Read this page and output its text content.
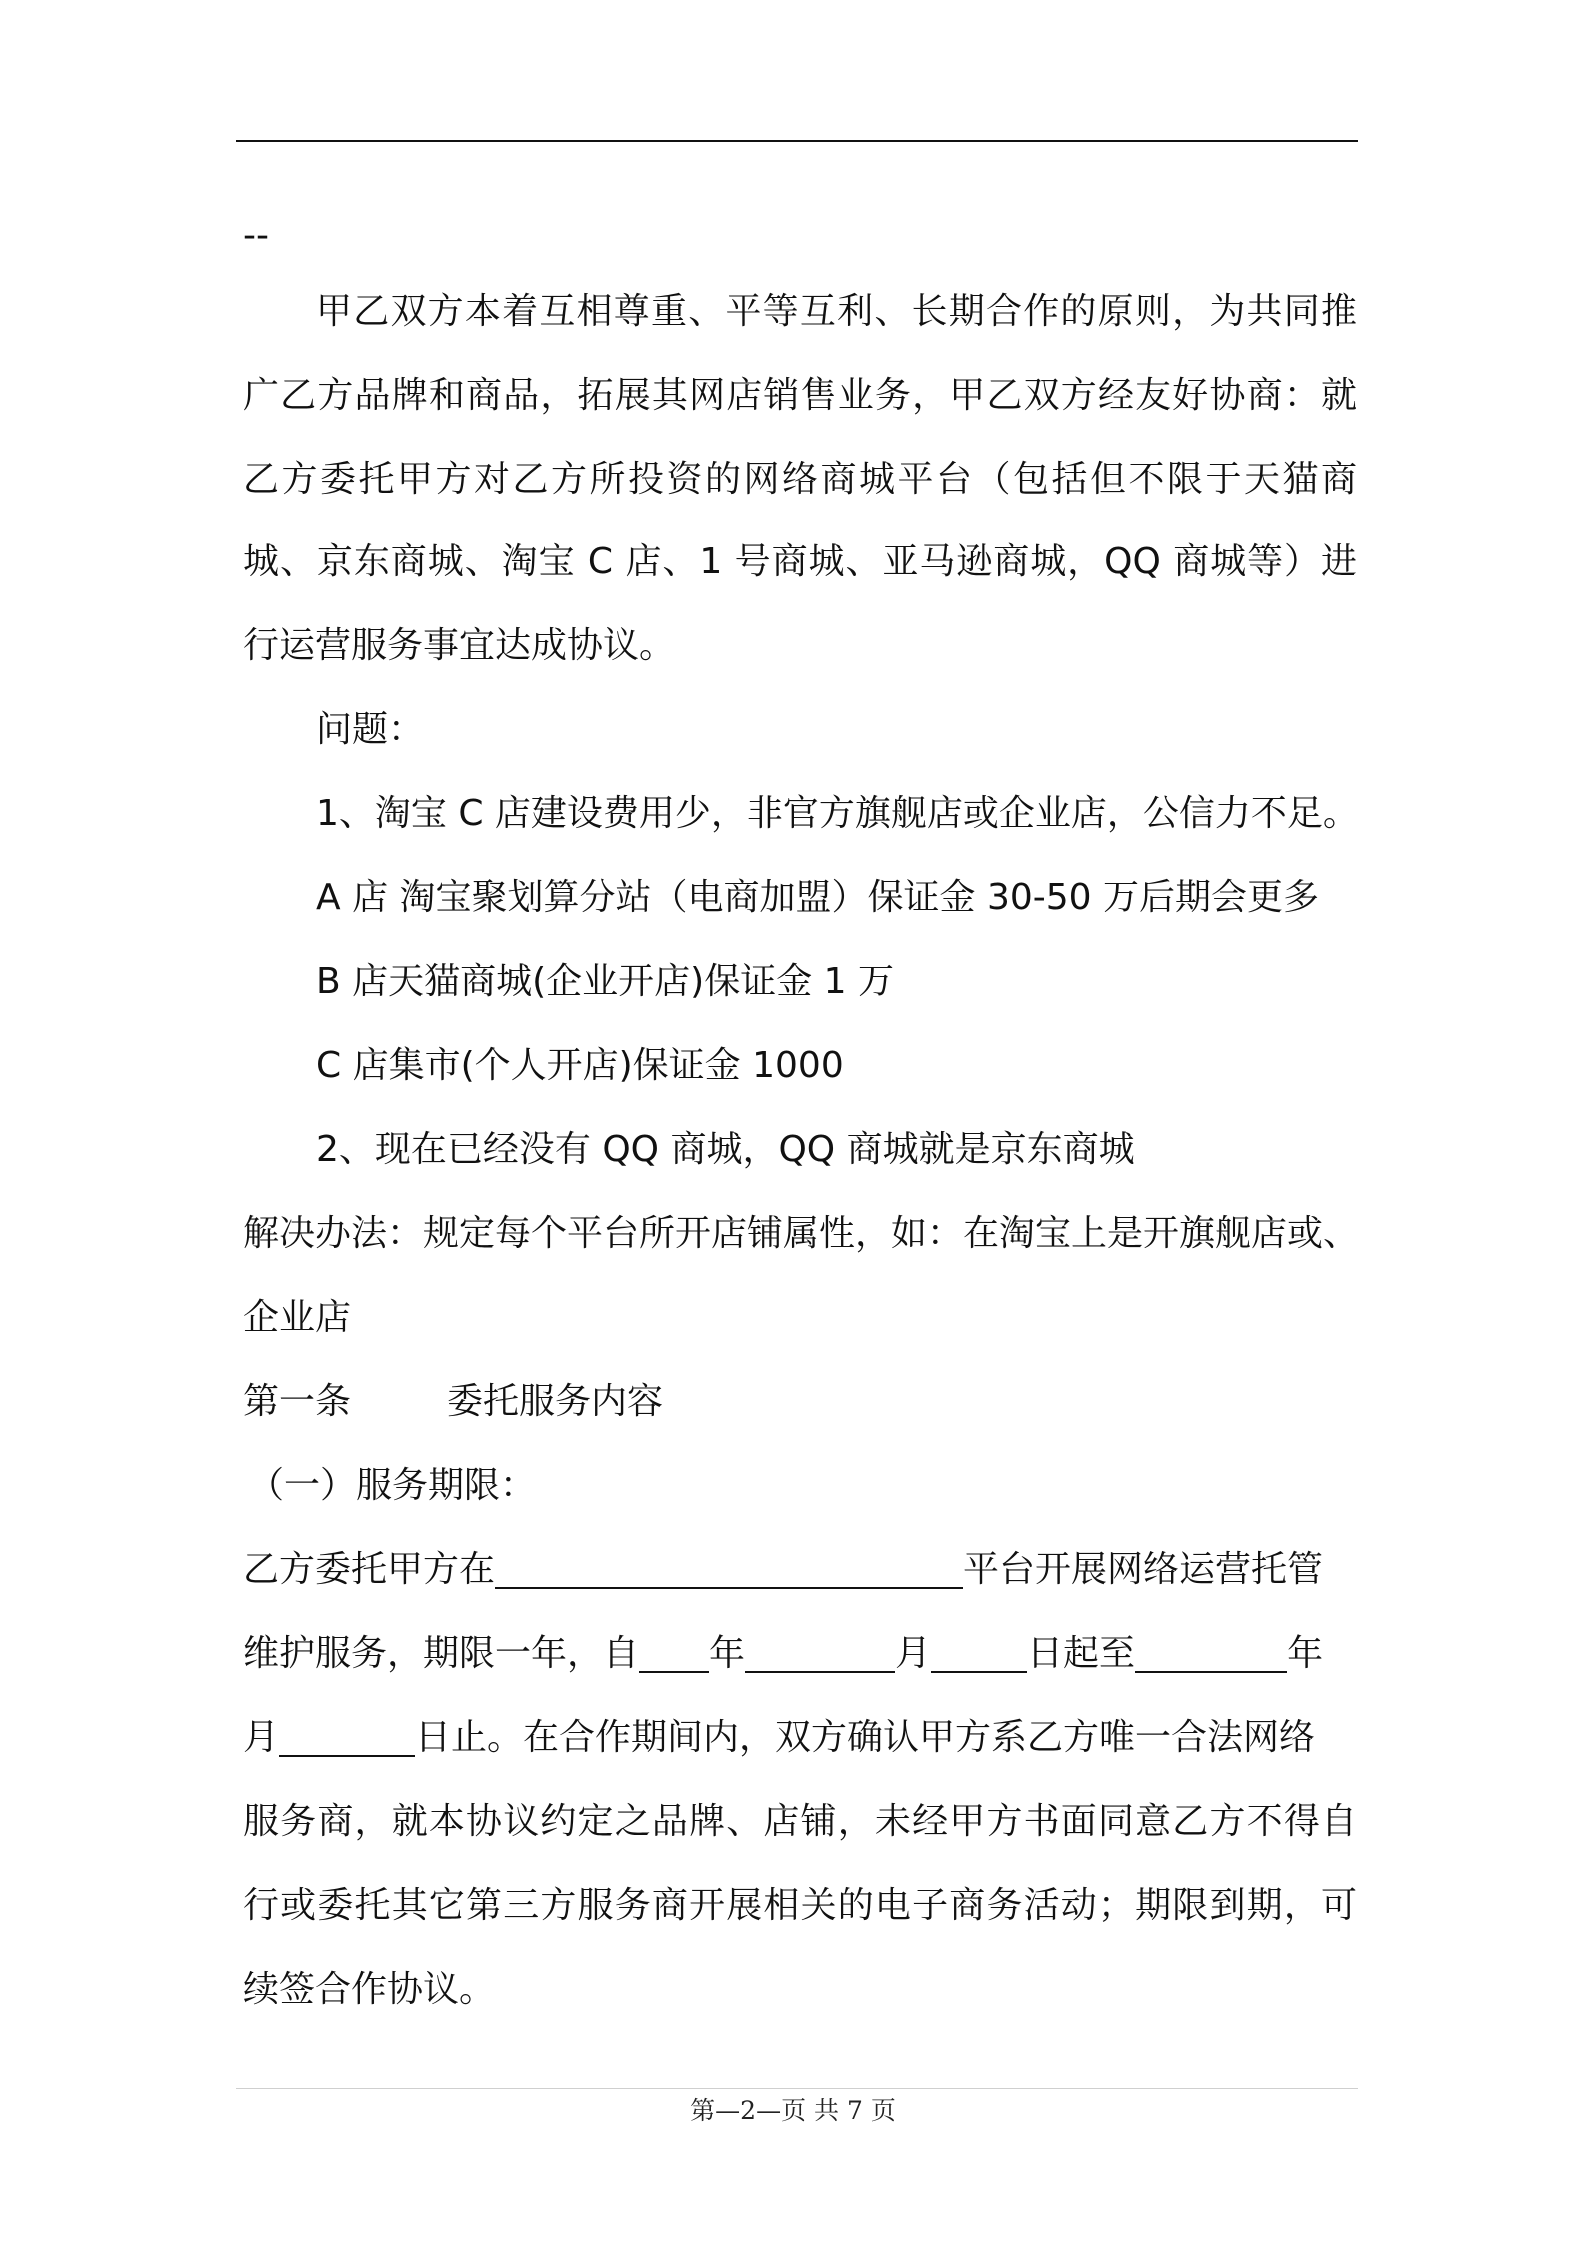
--
甲乙双方本着互相尊重、平等互利、长期合作的原则，为共同推
广乙方品牌和商品，拓展其网店销售业务，甲乙双方经友好协商：就
乙方委托甲方对乙方所投资的网络商城平台（包括但不限于天猫商
城、京东商城、淘宝 C 店、1 号商城、亚马逊商城，QQ 商城等）进
行运营服务事宜达成协议。
问题：
1、淘宝 C 店建设费用少，非官方旗舰店或企业店，公信力不足。
A 店 淘宝聚划算分站（电商加盟）保证金 30-50 万后期会更多
B 店天猫商城(企业开店)保证金 1 万
C 店集市(个人开店)保证金 1000
2、现在已经没有 QQ 商城，QQ 商城就是京东商城
解决办法：规定每个平台所开店铺属性，如：在淘宝上是开旗舰店或、
企业店
第一条	委托服务内容
（一）服务期限：
乙方委托甲方在	平台开展网络运营托管
维护服务，期限一年，自 年	月	日起至	年
月	日止。在合作期间内，双方确认甲方系乙方唯一合法网络
服务商，就本协议约定之品牌、店铺，未经甲方书面同意乙方不得自
行或委托其它第三方服务商开展相关的电子商务活动；期限到期，可
续签合作协议。
第—2—页 共 7 页
